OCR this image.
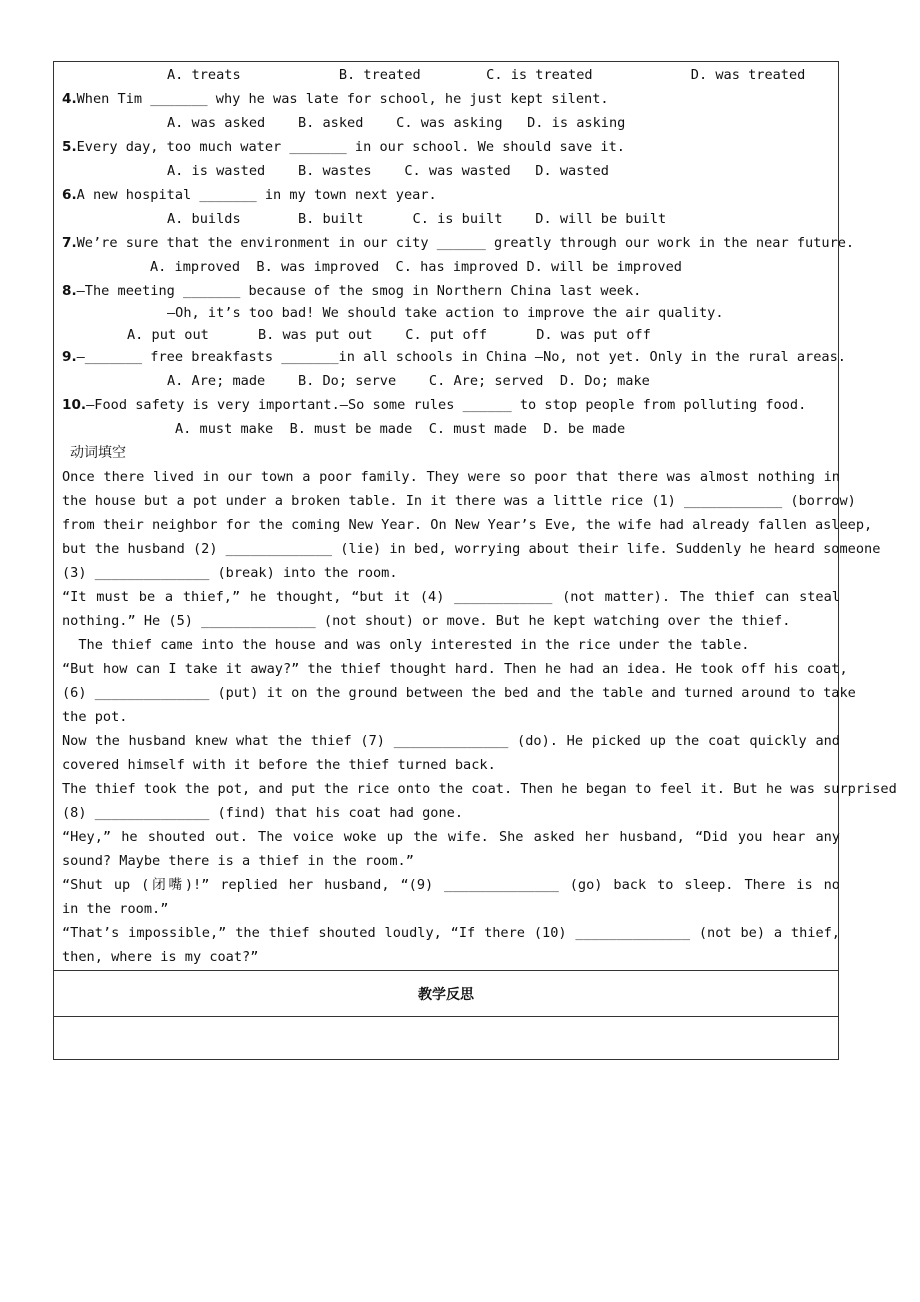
A. treats            B. treated        C. is treated            D. was treated
4.When Tim _______ why he was late for school, he just kept silent.
A. was asked    B. asked    C. was asking   D. is asking
5.Every day, too much water _______ in our school. We should save it.
A. is wasted    B. wastes    C. was wasted   D. wasted
6.A new hospital _______ in my town next year.
A. builds       B. built      C. is built    D. will be built
7.We’re sure that the environment in our city ______ greatly through our work in the near future.
A. improved  B. was improved  C. has improved D. will be improved
8.—The meeting _______ because of the smog in Northern China last week.
—Oh, it’s too bad! We should take action to improve the air quality.
A. put out      B. was put out    C. put off      D. was put off
9.—_______ free breakfasts _______in all schools in China —No, not yet. Only in the rural areas.
A. Are; made    B. Do; serve    C. Are; served  D. Do; make
10.—Food safety is very important.—So some rules ______ to stop people from polluting food.
A. must make  B. must be made  C. must made  D. be made
动词填空
Once there lived in our town a poor family. They were so poor that there was almost nothing in
the house but a pot under a broken table. In it there was a little rice (1) ____________ (borrow)
from their neighbor for the coming New Year. On New Year’s Eve, the wife had already fallen asleep,
but the husband (2) _____________ (lie) in bed, worrying about their life. Suddenly he heard someone
(3) ______________ (break) into the room.
“It must be a thief,” he thought, “but it (4) ____________ (not matter). The thief can steal
nothing.” He (5) ______________ (not shout) or move. But he kept watching over the thief.
The thief came into the house and was only interested in the rice under the table.
“But how can I take it away?” the thief thought hard. Then he had an idea. He took off his coat,
(6) ______________ (put) it on the ground between the bed and the table and turned around to take
the pot.
Now the husband knew what the thief (7) ______________ (do). He picked up the coat quickly and
covered himself with it before the thief turned back.
The thief took the pot, and put the rice onto the coat. Then he began to feel it. But he was surprised
(8) ______________ (find) that his coat had gone.
“Hey,” he shouted out. The voice woke up the wife. She asked her husband, “Did you hear any
sound? Maybe there is a thief in the room.”
“Shut up (闭嘴)!” replied her husband, “(9) ______________ (go) back to sleep. There is no
in the room.”
“That’s impossible,” the thief shouted loudly, “If there (10) ______________ (not be) a thief,
then, where is my coat?”
教学反思
